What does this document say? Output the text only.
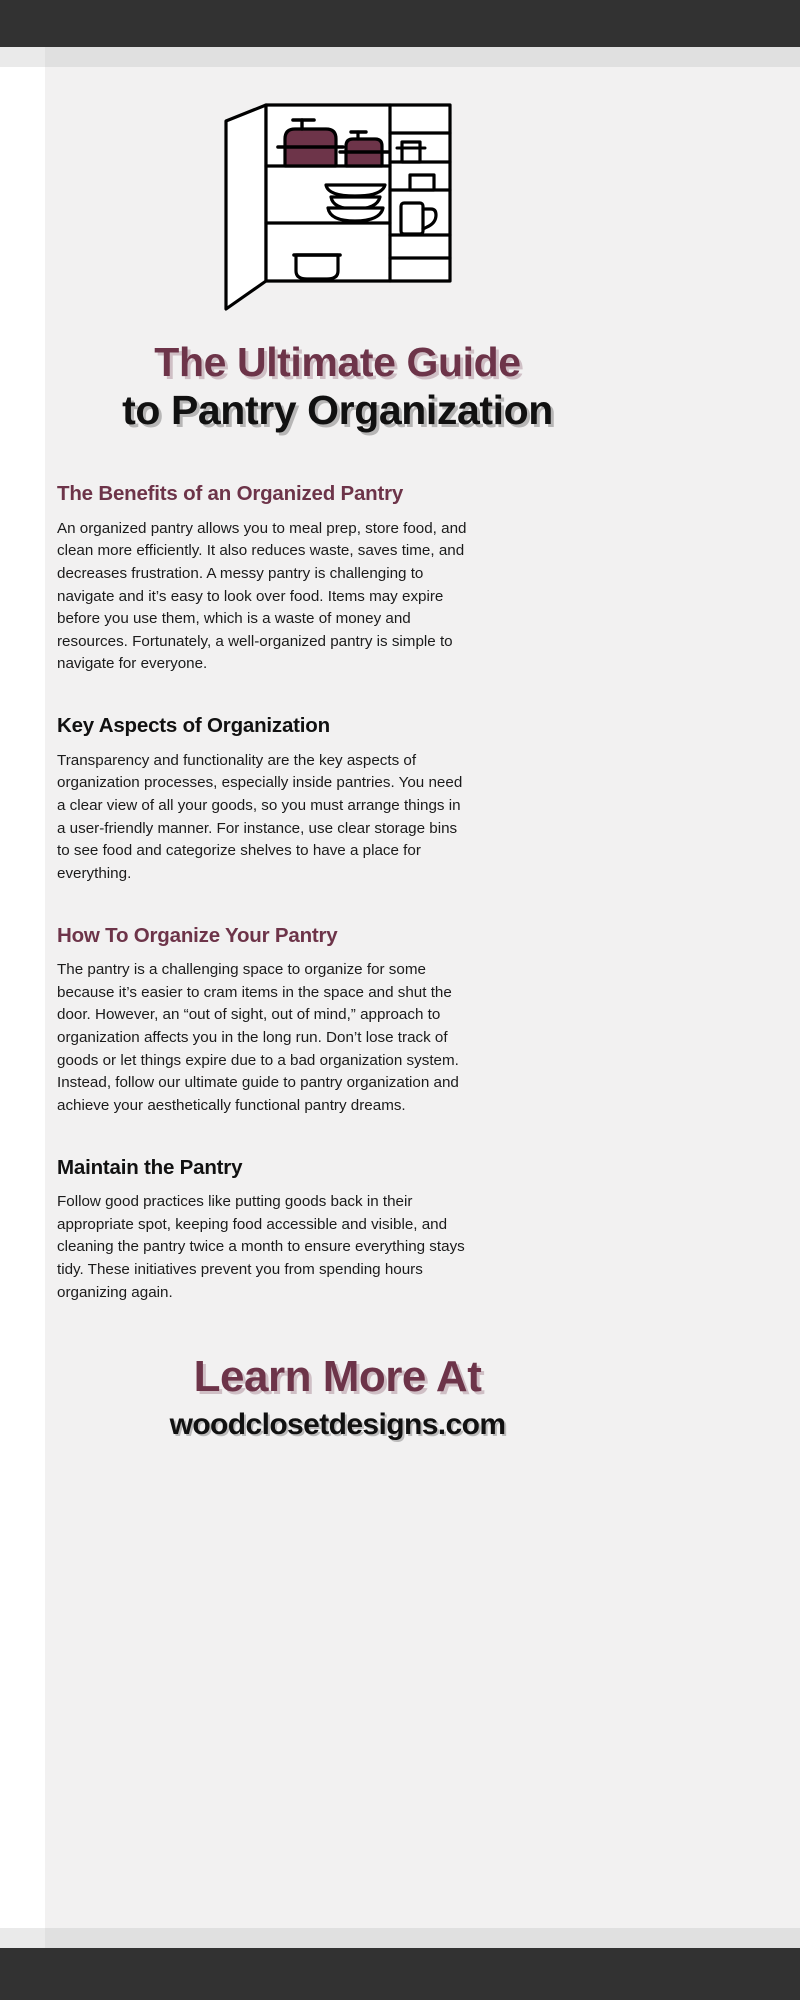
The Ultimate Guide
to Pantry Organization
The Benefits of an Organized Pantry

An organized pantry allows you to meal prep, store food, and clean more efficiently. It also reduces waste, saves time, and decreases frustration. A messy pantry is challenging to navigate and it’s easy to look over food. Items may expire before you use them, which is a waste of money and resources. Fortunately, a well-organized pantry is simple to navigate for everyone.

Key Aspects of Organization

Transparency and functionality are the key aspects of organization processes, especially inside pantries. You need a clear view of all your goods, so you must arrange things in a user-friendly manner. For instance, use clear storage bins to see food and categorize shelves to have a place for everything.

How To Organize Your Pantry

The pantry is a challenging space to organize for some because it’s easier to cram items in the space and shut the door. However, an “out of sight, out of mind,” approach to organization affects you in the long run. Don’t lose track of goods or let things expire due to a bad organization system. Instead, follow our ultimate guide to pantry organization and achieve your aesthetically functional pantry dreams.

Maintain the Pantry

Follow good practices like putting goods back in their appropriate spot, keeping food accessible and visible, and cleaning the pantry twice a month to ensure everything stays tidy. These initiatives prevent you from spending hours organizing again.

Learn More At
woodclosetdesigns.com
